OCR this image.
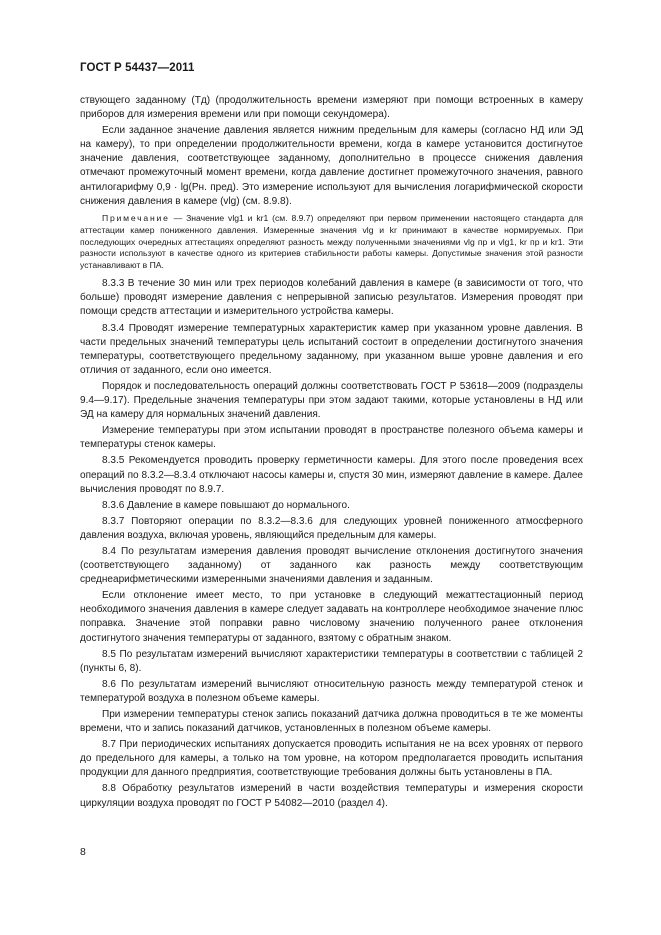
ГОСТ Р 54437—2011

ствующего заданному (Тд) (продолжительность времени измеряют при помощи встроенных в камеру приборов для измерения времени или при помощи секундомера).

Если заданное значение давления является нижним предельным для камеры (согласно НД или ЭД на камеру), то при определении продолжительности времени, когда в камере установится достигнутое значение давления, соответствующее заданному, дополнительно в процессе снижения давления отмечают промежуточный момент времени, когда давление достигнет промежуточного значения, равного антилогарифму 0,9 · lg(Pн. пред). Это измерение используют для вычисления логарифмической скорости снижения давления в камере (vlg) (см. 8.9.8).

Примечание — Значение vlg1 и kr1 (см. 8.9.7) определяют при первом применении настоящего стандарта для аттестации камер пониженного давления. Измеренные значения vlg и kr принимают в качестве нормируемых. При последующих очередных аттестациях определяют разность между полученными значениями vlg пр и vlg1, kr пр и kr1. Эти разности используют в качестве одного из критериев стабильности работы камеры. Допустимые значения этой разности устанавливают в ПА.

8.3.3 В течение 30 мин или трех периодов колебаний давления в камере (в зависимости от того, что больше) проводят измерение давления с непрерывной записью результатов. Измерения проводят при помощи средств аттестации и измерительного устройства камеры.

8.3.4 Проводят измерение температурных характеристик камер при указанном уровне давления. В части предельных значений температуры цель испытаний состоит в определении достигнутого значения температуры, соответствующего предельному заданному, при указанном выше уровне давления и его отличия от заданного, если оно имеется.

Порядок и последовательность операций должны соответствовать ГОСТ Р 53618—2009 (подразделы 9.4—9.17). Предельные значения температуры при этом задают такими, которые установлены в НД или ЭД на камеру для нормальных значений давления.

Измерение температуры при этом испытании проводят в пространстве полезного объема камеры и температуры стенок камеры.

8.3.5 Рекомендуется проводить проверку герметичности камеры. Для этого после проведения всех операций по 8.3.2—8.3.4 отключают насосы камеры и, спустя 30 мин, измеряют давление в камере. Далее вычисления проводят по 8.9.7.

8.3.6 Давление в камере повышают до нормального.

8.3.7 Повторяют операции по 8.3.2—8.3.6 для следующих уровней пониженного атмосферного давления воздуха, включая уровень, являющийся предельным для камеры.

8.4 По результатам измерения давления проводят вычисление отклонения достигнутого значения (соответствующего заданному) от заданного как разность между соответствующим среднеарифметическими измеренными значениями давления и заданным.

Если отклонение имеет место, то при установке в следующий межаттестационный период необходимого значения давления в камере следует задавать на контроллере необходимое значение плюс поправка. Значение этой поправки равно числовому значению полученного ранее отклонения достигнутого значения температуры от заданного, взятому с обратным знаком.

8.5 По результатам измерений вычисляют характеристики температуры в соответствии с таблицей 2 (пункты 6, 8).

8.6 По результатам измерений вычисляют относительную разность между температурой стенок и температурой воздуха в полезном объеме камеры.

При измерении температуры стенок запись показаний датчика должна проводиться в те же моменты времени, что и запись показаний датчиков, установленных в полезном объеме камеры.

8.7 При периодических испытаниях допускается проводить испытания не на всех уровнях от первого до предельного для камеры, а только на том уровне, на котором предполагается проводить испытания продукции для данного предприятия, соответствующие требования должны быть установлены в ПА.

8.8 Обработку результатов измерений в части воздействия температуры и измерения скорости циркуляции воздуха проводят по ГОСТ Р 54082—2010 (раздел 4).

8
